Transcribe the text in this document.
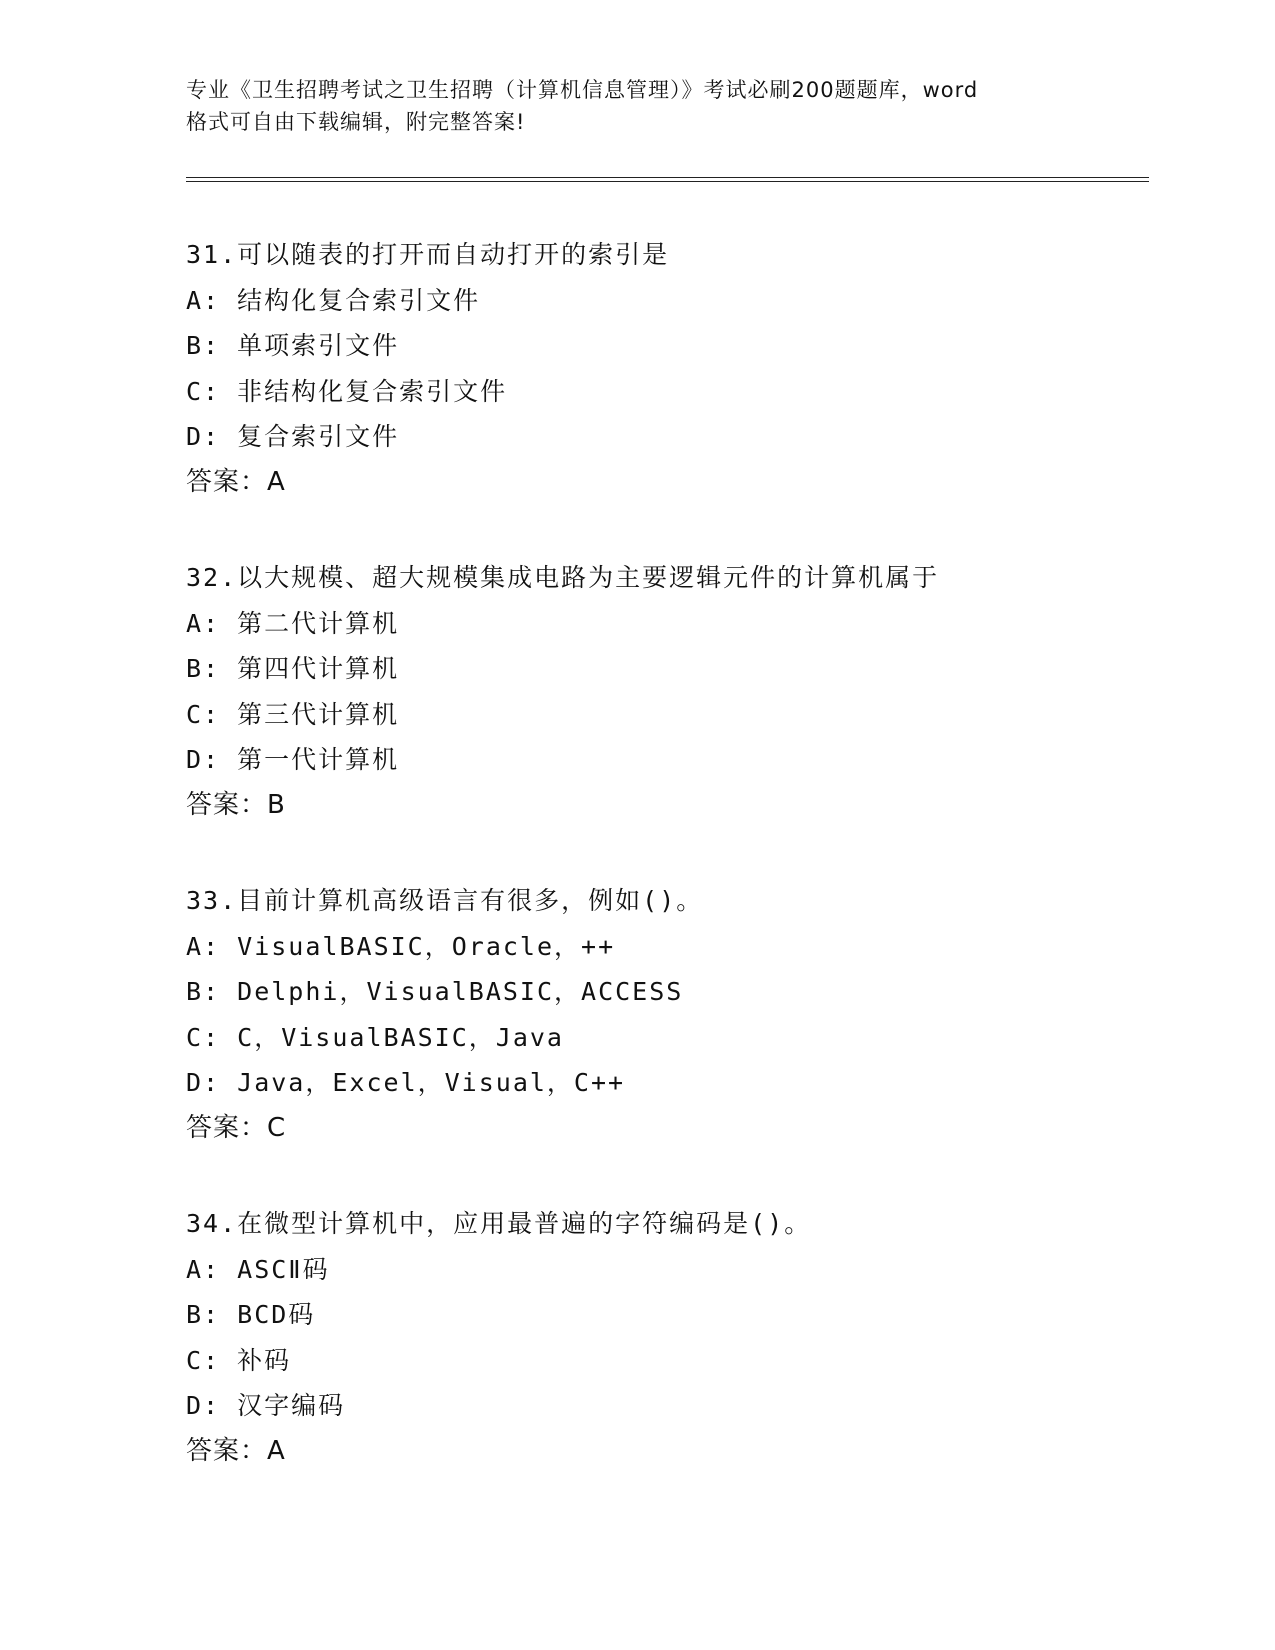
专业《卫生招聘考试之卫生招聘（计算机信息管理）》考试必刷200题题库，word
格式可自由下载编辑，附完整答案!
31.可以随表的打开而自动打开的索引是
A: 结构化复合索引文件
B: 单项索引文件
C: 非结构化复合索引文件
D: 复合索引文件
答案：A
32.以大规模、超大规模集成电路为主要逻辑元件的计算机属于
A: 第二代计算机
B: 第四代计算机
C: 第三代计算机
D: 第一代计算机
答案：B
33.目前计算机高级语言有很多，例如()。
A: VisualBASIC，Oracle，++
B: Delphi，VisualBASIC，ACCESS
C: C，VisualBASIC，Java
D: Java，Excel，Visual，C++
答案：C
34.在微型计算机中，应用最普遍的字符编码是()。
A: ASCⅡ码
B: BCD码
C: 补码
D: 汉字编码
答案：A
